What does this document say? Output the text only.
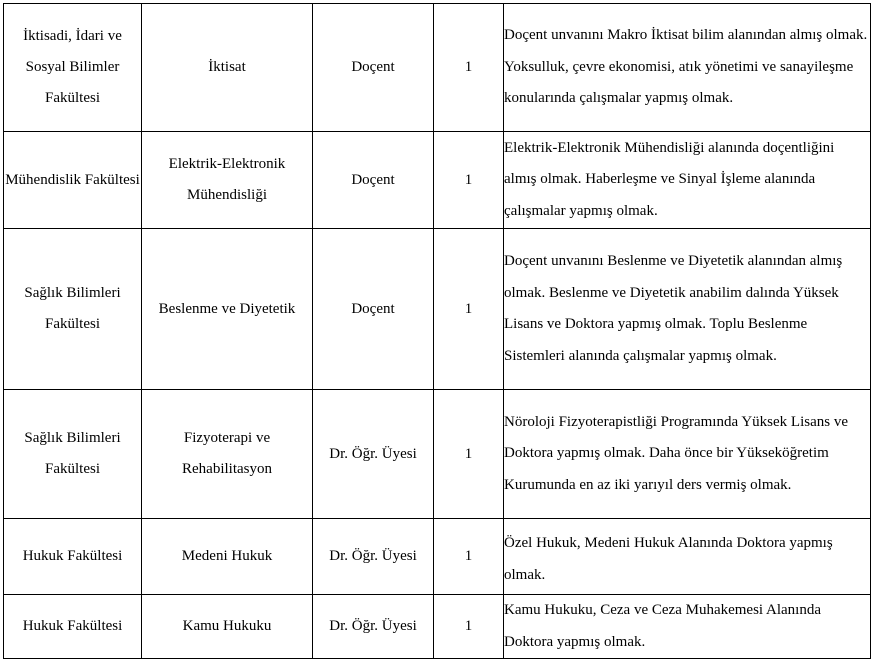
İktisadi, İdari ve Sosyal Bilimler Fakültesi	İktisat	Doçent	1	Doçent unvanını Makro İktisat bilim alanından almış olmak. Yoksulluk, çevre ekonomisi, atık yönetimi ve sanayileşme konularında çalışmalar yapmış olmak.
Mühendislik Fakültesi	Elektrik-Elektronik Mühendisliği	Doçent	1	Elektrik-Elektronik Mühendisliği alanında doçentliğini almış olmak. Haberleşme ve Sinyal İşleme alanında çalışmalar yapmış olmak.
Sağlık Bilimleri Fakültesi	Beslenme ve Diyetetik	Doçent	1	Doçent unvanını Beslenme ve Diyetetik alanından almış olmak. Beslenme ve Diyetetik anabilim dalında Yüksek Lisans ve Doktora yapmış olmak. Toplu Beslenme Sistemleri alanında çalışmalar yapmış olmak.
Sağlık Bilimleri Fakültesi	Fizyoterapi ve Rehabilitasyon	Dr. Öğr. Üyesi	1	Nöroloji Fizyoterapistliği Programında Yüksek Lisans ve Doktora yapmış olmak. Daha önce bir Yükseköğretim Kurumunda en az iki yarıyıl ders vermiş olmak.
Hukuk Fakültesi	Medeni Hukuk	Dr. Öğr. Üyesi	1	Özel Hukuk, Medeni Hukuk Alanında Doktora yapmış olmak.
Hukuk Fakültesi	Kamu Hukuku	Dr. Öğr. Üyesi	1	Kamu Hukuku, Ceza ve Ceza Muhakemesi Alanında Doktora yapmış olmak.
